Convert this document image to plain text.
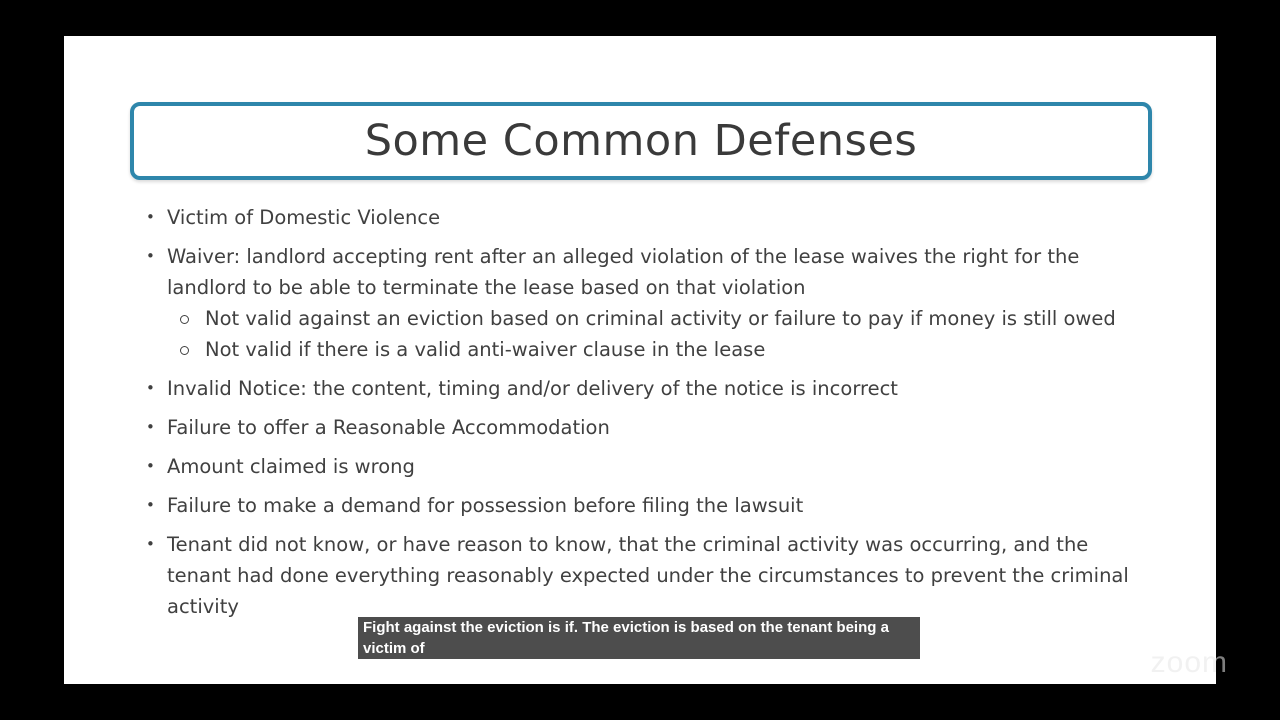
Some Common Defenses
• Victim of Domestic Violence
• Waiver: landlord accepting rent after an alleged violation of the lease waives the right for the landlord to be able to terminate the lease based on that violation
Not valid against an eviction based on criminal activity or failure to pay if money is still owed
Not valid if there is a valid anti-waiver clause in the lease
• Invalid Notice: the content, timing and/or delivery of the notice is incorrect
• Failure to offer a Reasonable Accommodation
• Amount claimed is wrong
• Failure to make a demand for possession before filing the lawsuit
• Tenant did not know, or have reason to know, that the criminal activity was occurring, and the tenant had done everything reasonably expected under the circumstances to prevent the criminal activity
Fight against the eviction is if. The eviction is based on the tenant being a victim of	zoom
